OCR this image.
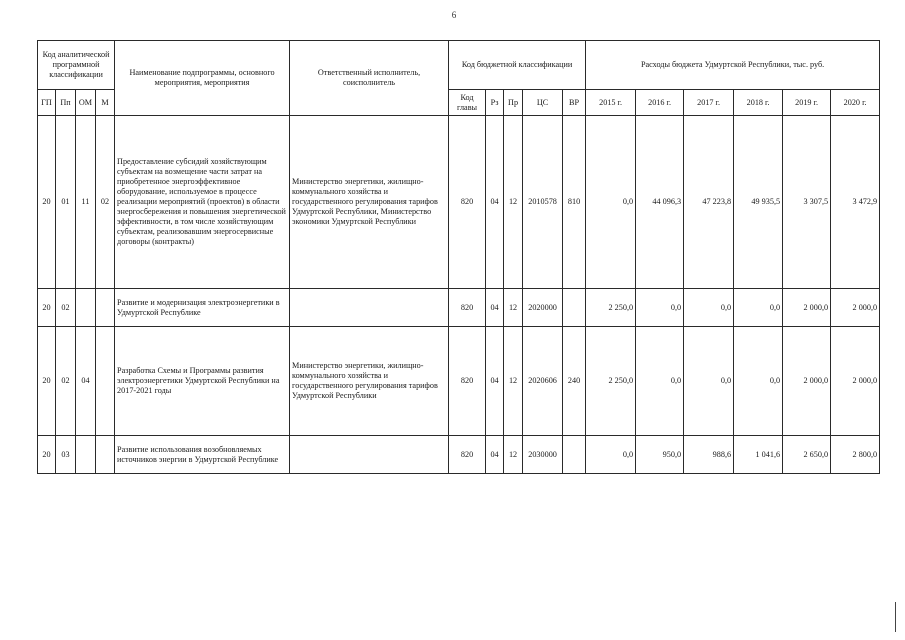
6
Код аналитической программной классификации				Наименование подпрограммы, основного мероприятия, мероприятия	Ответственный исполнитель, соисполнитель	Код бюджетной классификации					Расходы бюджета Удмуртской Республики, тыс. руб.					
ГП	Пп	ОМ	М			Код главы	Рз	Пр	ЦС	ВР	2015 г.	2016 г.	2017 г.	2018 г.	2019 г.	2020 г.
20	01	11	02	Предоставление субсидий хозяйствующим субъектам на возмещение части затрат на приобретенное энергоэффективное оборудование, используемое в процессе реализации мероприятий (проектов) в области энергосбережения и повышения энергетической эффективности, в том числе хозяйствующим субъектам, реализовавшим энергосервисные договоры (контракты)	Министерство энергетики, жилищно-коммунального хозяйства и государственного регулирования тарифов Удмуртской Республики, Министерство экономики Удмуртской Республики	820	04	12	2010578	810	0,0	44 096,3	47 223,8	49 935,5	3 307,5	3 472,9
20	02			Развитие и модернизация электроэнергетики в Удмуртской Республике		820	04	12	2020000		2 250,0	0,0	0,0	0,0	2 000,0	2 000,0
20	02	04		Разработка Схемы и Программы развития электроэнергетики Удмуртской Республики на 2017-2021 годы	Министерство энергетики, жилищно-коммунального хозяйства и государственного регулирования тарифов Удмуртской Республики	820	04	12	2020606	240	2 250,0	0,0	0,0	0,0	2 000,0	2 000,0
20	03			Развитие использования возобновляемых источников энергии в Удмуртской Республике		820	04	12	2030000		0,0	950,0	988,6	1 041,6	2 650,0	2 800,0
